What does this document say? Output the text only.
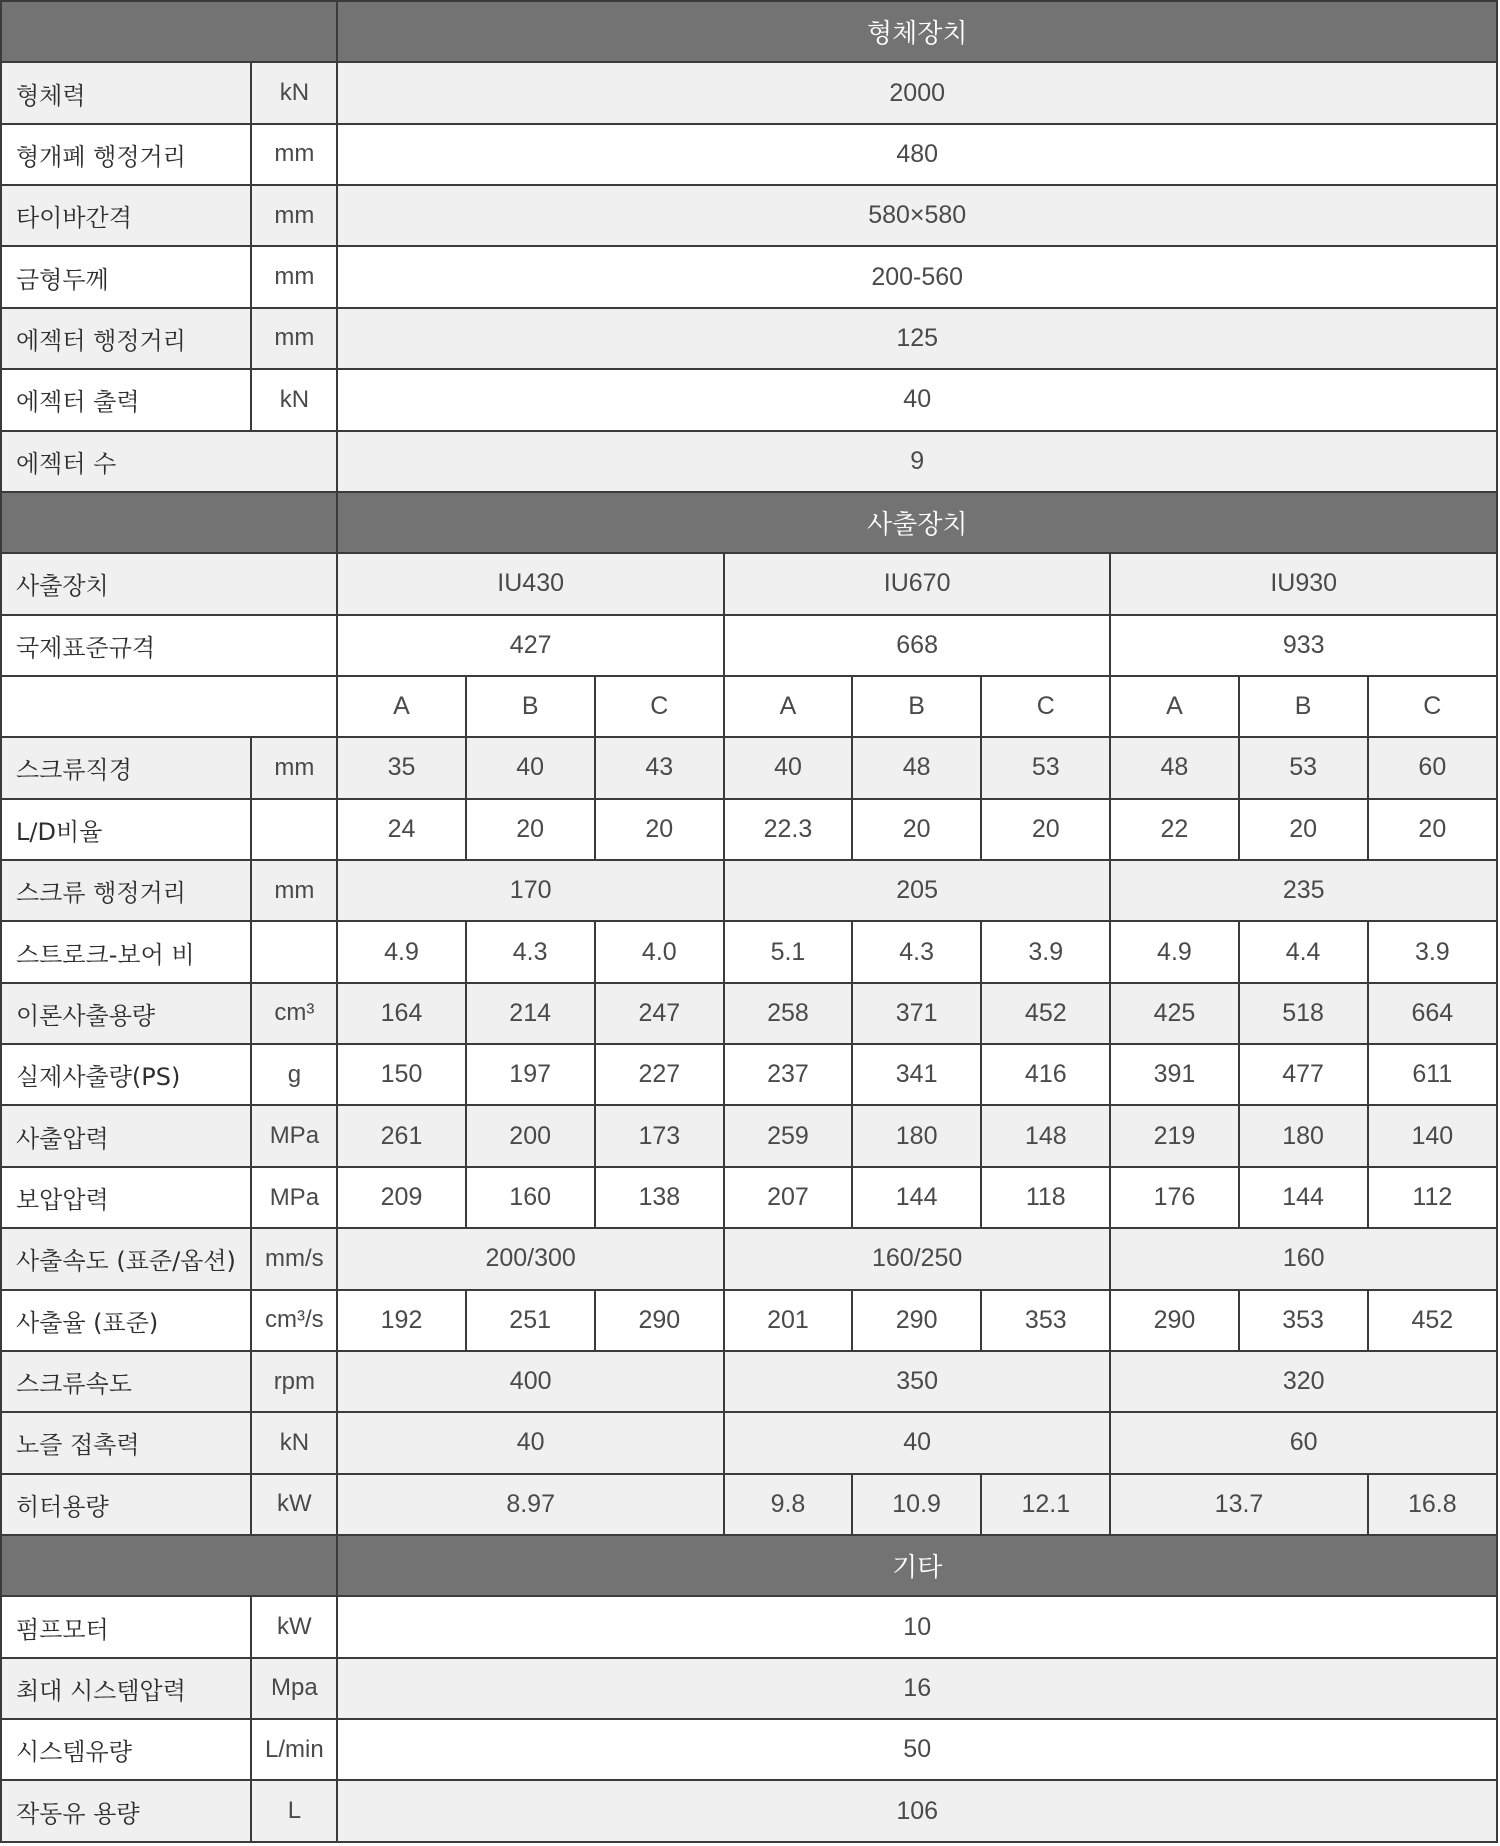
		형체장치								
형체력	kN	2000								
형개폐 행정거리	mm	480								
타이바간격	mm	580×580								
금형두께	mm	200-560								
에젝터 행정거리	mm	125								
에젝터 출력	kN	40								
에젝터 수		9								
		사출장치								
사출장치		IU430			IU670			IU930		
국제표준규격		427			668			933		
		A	B	C	A	B	C	A	B	C
스크류직경	mm	35	40	43	40	48	53	48	53	60
L/D비율		24	20	20	22.3	20	20	22	20	20
스크류 행정거리	mm	170			205			235		
스트로크-보어 비		4.9	4.3	4.0	5.1	4.3	3.9	4.9	4.4	3.9
이론사출용량	cm³	164	214	247	258	371	452	425	518	664
실제사출량(PS)	g	150	197	227	237	341	416	391	477	611
사출압력	MPa	261	200	173	259	180	148	219	180	140
보압압력	MPa	209	160	138	207	144	118	176	144	112
사출속도 (표준/옵션)	mm/s	200/300			160/250			160		
사출율 (표준)	cm³/s	192	251	290	201	290	353	290	353	452
스크류속도	rpm	400			350			320		
노즐 접촉력	kN	40			40			60		
히터용량	kW	8.97			9.8	10.9	12.1	13.7		16.8
		기타								
펌프모터	kW	10								
최대 시스템압력	Mpa	16								
시스템유량	L/min	50								
작동유 용량	L	106								
